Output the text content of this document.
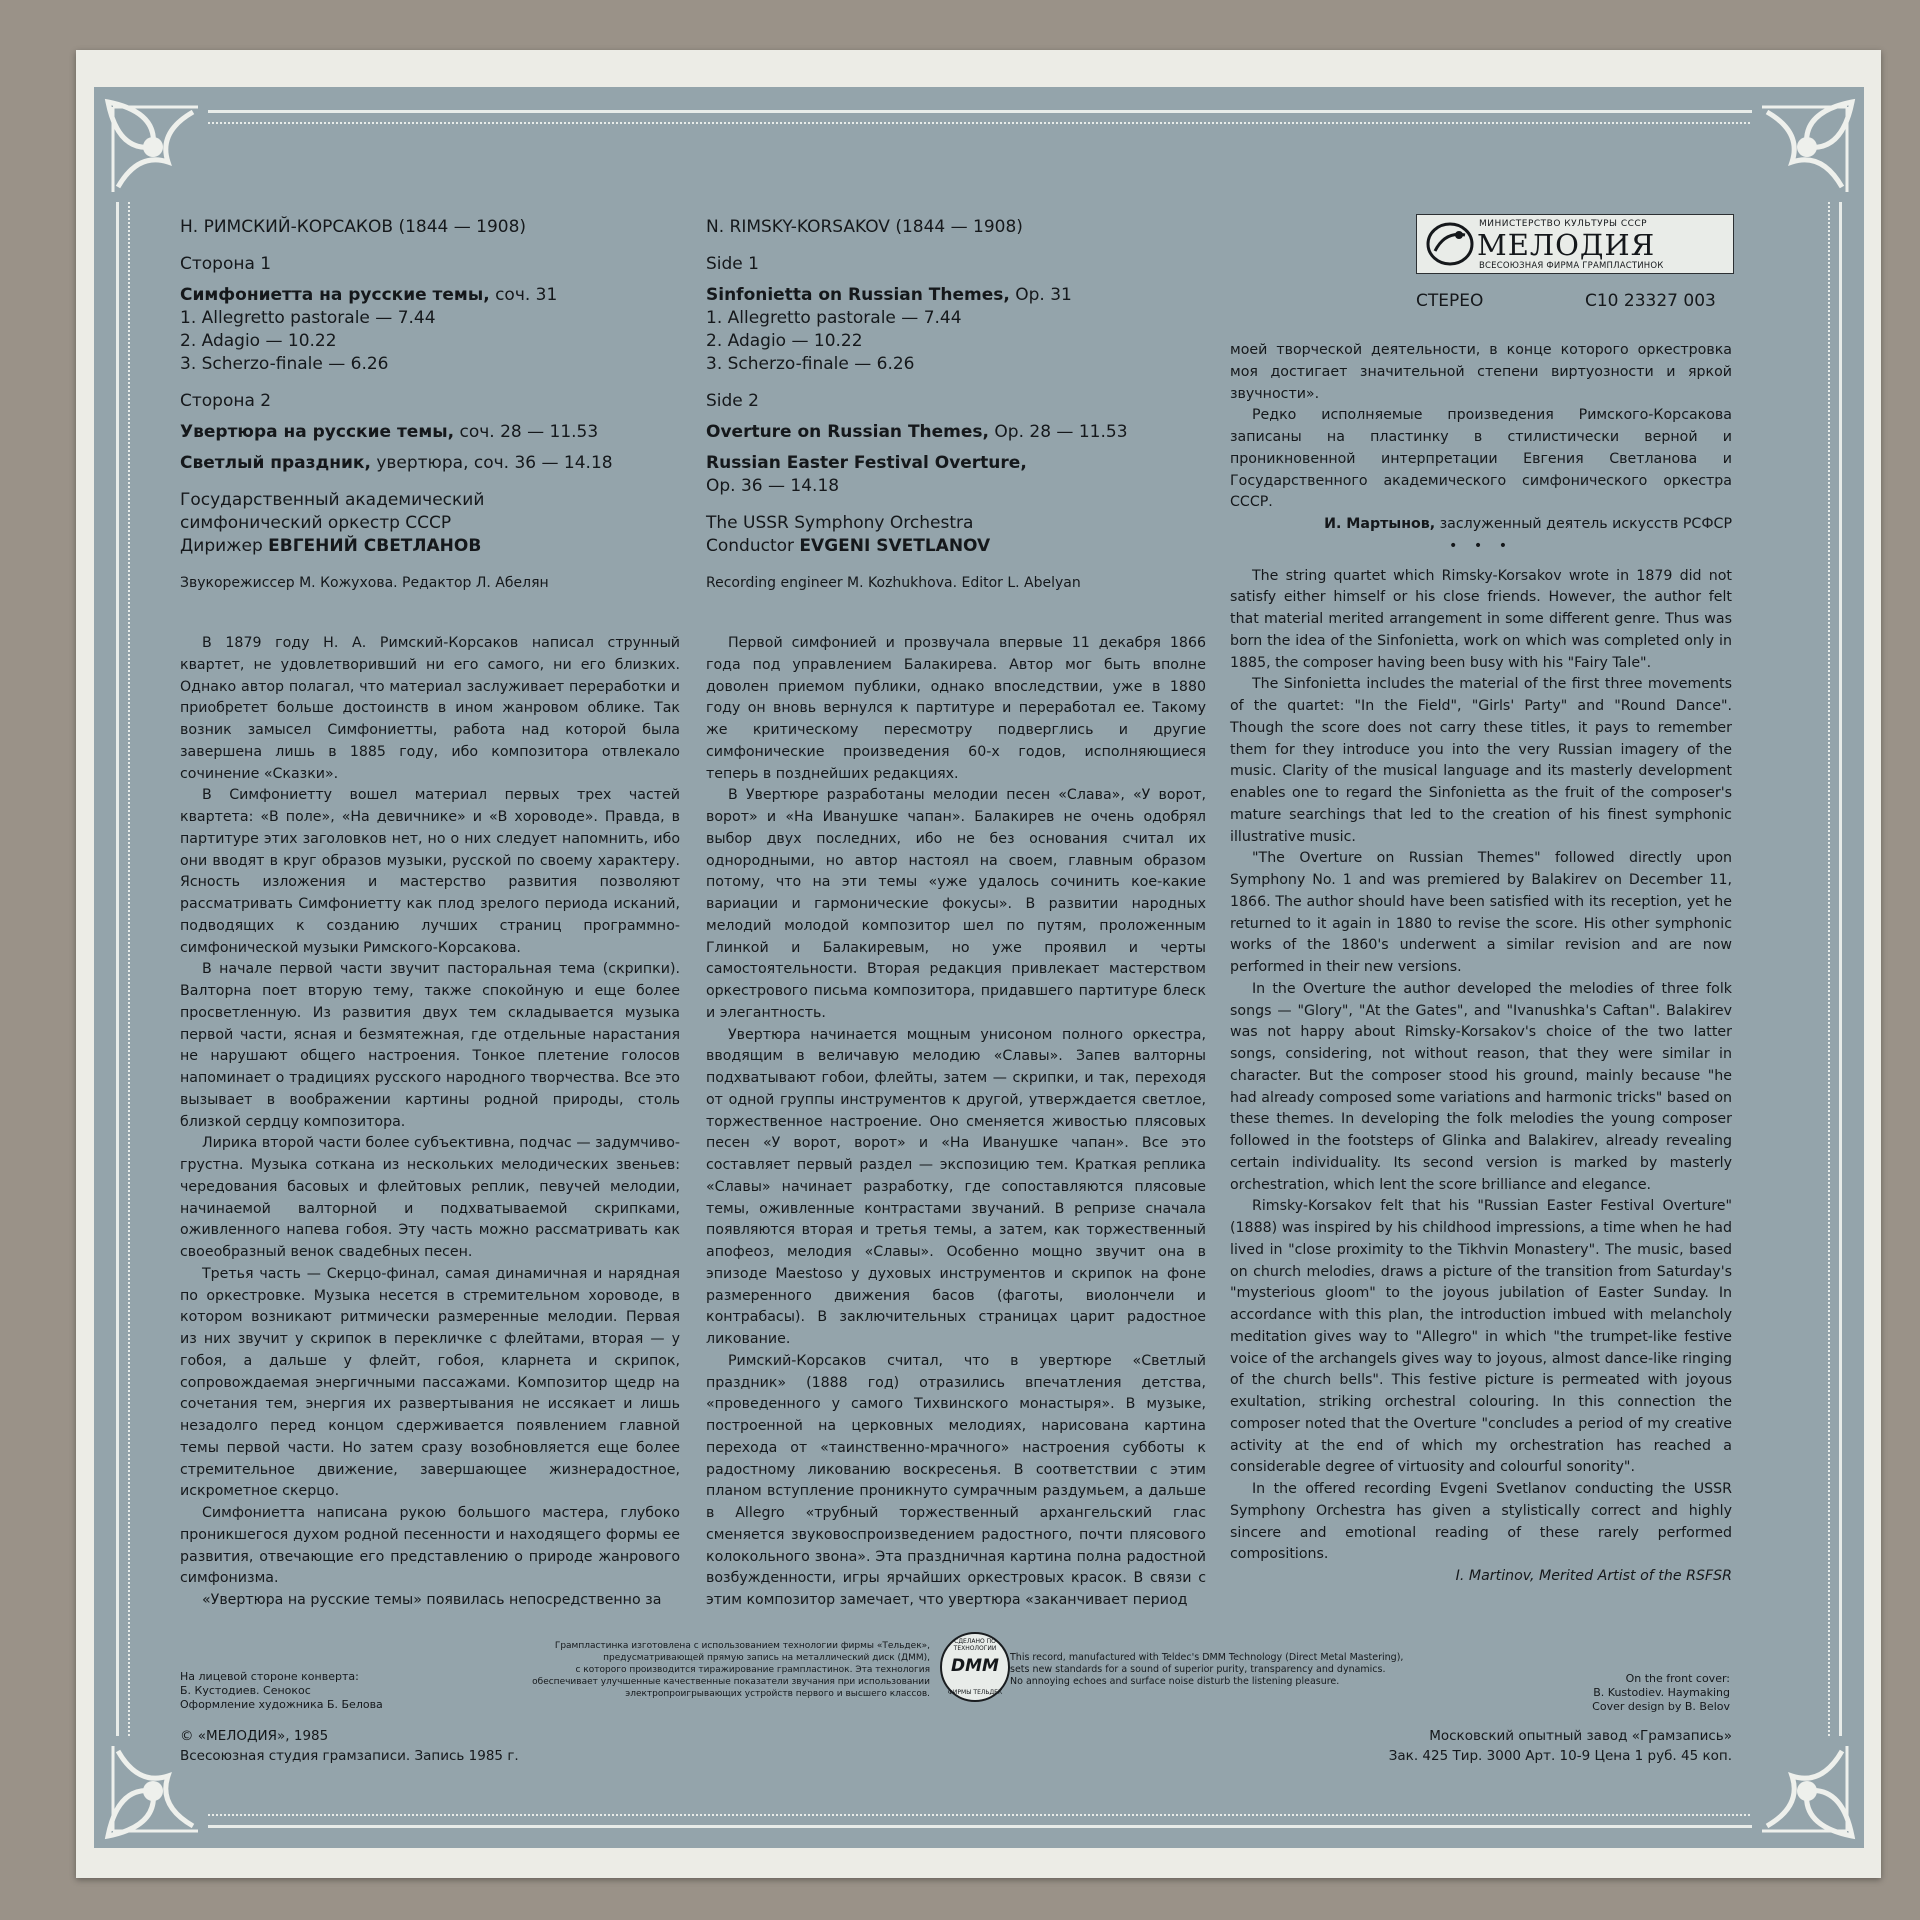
МИНИСТЕРСТВО КУЛЬТУРЫ СССР
МЕЛОДИЯ
ВСЕСОЮЗНАЯ ФИРМА ГРАМПЛАСТИНОК
СТЕРЕО	С10 23327 003
Н. РИМСКИЙ-КОРСАКОВ (1844 — 1908)
Сторона 1
Симфониетта на русские темы, соч. 31
1. Allegretto pastorale — 7.44
2. Adagio — 10.22
3. Scherzo-finale — 6.26
Сторона 2
Увертюра на русские темы, соч. 28 — 11.53
Светлый праздник, увертюра, соч. 36 — 14.18
Государственный академический
симфонический оркестр СССР
Дирижер ЕВГЕНИЙ СВЕТЛАНОВ
Звукорежиссер М. Кожухова. Редактор Л. Абелян
N. RIMSKY-KORSAKOV (1844 — 1908)
Side 1
Sinfonietta on Russian Themes, Op. 31
1. Allegretto pastorale — 7.44
2. Adagio — 10.22
3. Scherzo-finale — 6.26
Side 2
Overture on Russian Themes, Op. 28 — 11.53
Russian Easter Festival Overture,
Op. 36 — 14.18
The USSR Symphony Orchestra
Conductor EVGENI SVETLANOV
Recording engineer M. Kozhukhova. Editor L. Abelyan

В 1879 году Н. А. Римский-Корсаков написал струнный квартет, не удовлетворивший ни его самого, ни его близких. Однако автор полагал, что материал заслуживает переработки и приобретет больше достоинств в ином жанровом облике. Так возник замысел Симфониетты, работа над которой была завершена лишь в 1885 году, ибо композитора отвлекало сочинение «Сказки».

В Симфониетту вошел материал первых трех частей квартета: «В поле», «На девичнике» и «В хороводе». Правда, в партитуре этих заголовков нет, но о них следует напомнить, ибо они вводят в круг образов музыки, русской по своему характеру. Ясность изложения и мастерство развития позволяют рассматривать Симфониетту как плод зрелого периода исканий, подводящих к созданию лучших страниц программно-симфонической музыки Римского-Корсакова.

В начале первой части звучит пасторальная тема (скрипки). Валторна поет вторую тему, также спокойную и еще более просветленную. Из развития двух тем складывается музыка первой части, ясная и безмятежная, где отдельные нарастания не нарушают общего настроения. Тонкое плетение голосов напоминает о традициях русского народного творчества. Все это вызывает в воображении картины родной природы, столь близкой сердцу композитора.

Лирика второй части более субъективна, подчас — задумчиво-грустна. Музыка соткана из нескольких мелодических звеньев: чередования басовых и флейтовых реплик, певучей мелодии, начинаемой валторной и подхватываемой скрипками, оживленного напева гобоя. Эту часть можно рассматривать как своеобразный венок свадебных песен.

Третья часть — Скерцо-финал, самая динамичная и нарядная по оркестровке. Музыка несется в стремительном хороводе, в котором возникают ритмически размеренные мелодии. Первая из них звучит у скрипок в перекличке с флейтами, вторая — у гобоя, а дальше у флейт, гобоя, кларнета и скрипок, сопровождаемая энергичными пассажами. Композитор щедр на сочетания тем, энергия их развертывания не иссякает и лишь незадолго перед концом сдерживается появлением главной темы первой части. Но затем сразу возобновляется еще более стремительное движение, завершающее жизнерадостное, искрометное скерцо.

Симфониетта написана рукою большого мастера, глубоко проникшегося духом родной песенности и находящего формы ее развития, отвечающие его представлению о природе жанрового симфонизма.

«Увертюра на русские темы» появилась непосредственно за

Первой симфонией и прозвучала впервые 11 декабря 1866 года под управлением Балакирева. Автор мог быть вполне доволен приемом публики, однако впоследствии, уже в 1880 году он вновь вернулся к партитуре и переработал ее. Такому же критическому пересмотру подверглись и другие симфонические произведения 60-х годов, исполняющиеся теперь в позднейших редакциях.

В Увертюре разработаны мелодии песен «Слава», «У ворот, ворот» и «На Иванушке чапан». Балакирев не очень одобрял выбор двух последних, ибо не без основания считал их однородными, но автор настоял на своем, главным образом потому, что на эти темы «уже удалось сочинить кое-какие вариации и гармонические фокусы». В развитии народных мелодий молодой композитор шел по путям, проложенным Глинкой и Балакиревым, но уже проявил и черты самостоятельности. Вторая редакция привлекает мастерством оркестрового письма композитора, придавшего партитуре блеск и элегантность.

Увертюра начинается мощным унисоном полного оркестра, вводящим в величавую мелодию «Славы». Запев валторны подхватывают гобои, флейты, затем — скрипки, и так, переходя от одной группы инструментов к другой, утверждается светлое, торжественное настроение. Оно сменяется живостью плясовых песен «У ворот, ворот» и «На Иванушке чапан». Все это составляет первый раздел — экспозицию тем. Краткая реплика «Славы» начинает разработку, где сопоставляются плясовые темы, оживленные контрастами звучаний. В репризе сначала появляются вторая и третья темы, а затем, как торжественный апофеоз, мелодия «Славы». Особенно мощно звучит она в эпизоде Maestoso у духовых инструментов и скрипок на фоне размеренного движения басов (фаготы, виолончели и контрабасы). В заключительных страницах царит радостное ликование.

Римский-Корсаков считал, что в увертюре «Светлый праздник» (1888 год) отразились впечатления детства, «проведенного у самого Тихвинского монастыря». В музыке, построенной на церковных мелодиях, нарисована картина перехода от «таинственно-мрачного» настроения субботы к радостному ликованию воскресенья. В соответствии с этим планом вступление проникнуто сумрачным раздумьем, а дальше в Allegro «трубный торжественный архангельский глас сменяется звуковоспроизведением радостного, почти плясового колокольного звона». Эта праздничная картина полна радостной возбужденности, игры ярчайших оркестровых красок. В связи с этим композитор замечает, что увертюра «заканчивает период

моей творческой деятельности, в конце которого оркестровка моя достигает значительной степени виртуозности и яркой звучности».

Редко исполняемые произведения Римского-Корсакова записаны на пластинку в стилистически верной и проникновенной интерпретации Евгения Светланова и Государственного академического симфонического оркестра СССР.

И. Мартынов, заслуженный деятель искусств РСФСР
• • •

The string quartet which Rimsky-Korsakov wrote in 1879 did not satisfy either himself or his close friends. However, the author felt that material merited arrangement in some different genre. Thus was born the idea of the Sinfonietta, work on which was completed only in 1885, the composer having been busy with his "Fairy Tale".

The Sinfonietta includes the material of the first three movements of the quartet: "In the Field", "Girls' Party" and "Round Dance". Though the score does not carry these titles, it pays to remember them for they introduce you into the very Russian imagery of the music. Clarity of the musical language and its masterly development enables one to regard the Sinfonietta as the fruit of the composer's mature searchings that led to the creation of his finest symphonic illustrative music.

"The Overture on Russian Themes" followed directly upon Symphony No. 1 and was premiered by Balakirev on December 11, 1866. The author should have been satisfied with its reception, yet he returned to it again in 1880 to revise the score. His other symphonic works of the 1860's underwent a similar revision and are now performed in their new versions.

In the Overture the author developed the melodies of three folk songs — "Glory", "At the Gates", and "Ivanushka's Caftan". Balakirev was not happy about Rimsky-Korsakov's choice of the two latter songs, considering, not without reason, that they were similar in character. But the composer stood his ground, mainly because "he had already composed some variations and harmonic tricks" based on these themes. In developing the folk melodies the young composer followed in the footsteps of Glinka and Balakirev, already revealing certain individuality. Its second version is marked by masterly orchestration, which lent the score brilliance and elegance.

Rimsky-Korsakov felt that his "Russian Easter Festival Overture" (1888) was inspired by his childhood impressions, a time when he had lived in "close proximity to the Tikhvin Monastery". The music, based on church melodies, draws a picture of the transition from Saturday's "mysterious gloom" to the joyous jubilation of Easter Sunday. In accordance with this plan, the introduction imbued with melancholy meditation gives way to "Allegro" in which "the trumpet-like festive voice of the archangels gives way to joyous, almost dance-like ringing of the church bells". This festive picture is permeated with joyous exultation, striking orchestral colouring. In this connection the composer noted that the Overture "concludes a period of my creative activity at the end of which my orchestration has reached a considerable degree of virtuosity and colourful sonority".

In the offered recording Evgeni Svetlanov conducting the USSR Symphony Orchestra has given a stylistically correct and highly sincere and emotional reading of these rarely performed compositions.

I. Martinov, Merited Artist of the RSFSR
На лицевой стороне конверта:
Б. Кустодиев. Сенокос
Оформление художника Б. Белова
Грампластинка изготовлена с использованием технологии фирмы «Тельдек»,
предусматривающей прямую запись на металлический диск (ДММ),
с которого производится тиражирование грампластинок. Эта технология
обеспечивает улучшенные качественные показатели звучания при использовании
электропроигрывающих устройств первого и высшего классов.
СДЕЛАНО ПО ТЕХНОЛОГИИ
DMM
ФИРМЫ ТЕЛЬДЕК
This record, manufactured with Teldec's DMM Technology (Direct Metal Mastering),
sets new standards for a sound of superior purity, transparency and dynamics.
No annoying echoes and surface noise disturb the listening pleasure.	On the front cover:
B. Kustodiev. Haymaking
Cover design by B. Belov
© «МЕЛОДИЯ», 1985
Всесоюзная студия грамзаписи. Запись 1985 г.
Московский опытный завод «Грамзапись»
Зак. 425 Тир. 3000 Арт. 10-9 Цена 1 руб. 45 коп.
